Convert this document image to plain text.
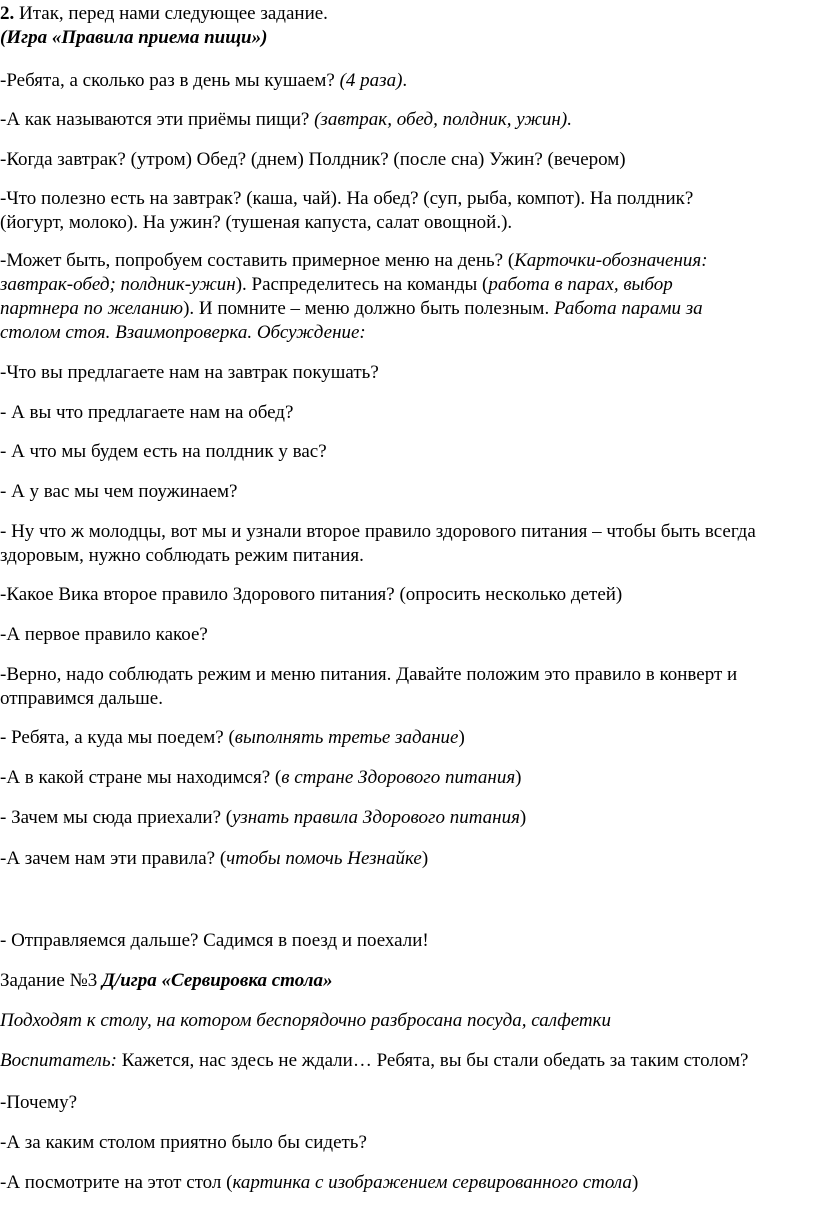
2. Итак, перед нами следующее задание.

(Игра «Правила приема пищи»)

-Ребята, а сколько раз в день мы кушаем? (4 раза).

-А как называются эти приёмы пищи? (завтрак, обед, полдник, ужин).

-Когда завтрак? (утром) Обед? (днем) Полдник? (после сна) Ужин? (вечером)

-Что полезно есть на завтрак? (каша, чай). На обед? (суп, рыба, компот). На полдник?
(йогурт, молоко). На ужин? (тушеная капуста, салат овощной.).

-Может быть, попробуем составить примерное меню на день? (Карточки-обозначения:
завтрак-обед; полдник-ужин). Распределитесь на команды (работа в парах, выбор
партнера по желанию). И помните – меню должно быть полезным. Работа парами за
столом стоя. Взаимопроверка. Обсуждение:

-Что вы предлагаете нам на завтрак покушать?

- А вы что предлагаете нам на обед?

- А что мы будем есть на полдник у вас?

- А у вас мы чем поужинаем?

- Ну что ж молодцы, вот мы и узнали второе правило здорового питания – чтобы быть всегда
здоровым, нужно соблюдать режим питания.

-Какое Вика второе правило Здорового питания? (опросить несколько детей)

-А первое правило какое?

-Верно, надо соблюдать режим и меню питания. Давайте положим это правило в конверт и
отправимся дальше.

- Ребята, а куда мы поедем? (выполнять третье задание)

-А в какой стране мы находимся? (в стране Здорового питания)

- Зачем мы сюда приехали? (узнать правила Здорового питания)

-А зачем нам эти правила? (чтобы помочь Незнайке)

- Отправляемся дальше? Садимся в поезд и поехали!

Задание №3 Д/игра «Сервировка стола»

Подходят к столу, на котором беспорядочно разбросана посуда, салфетки

Воспитатель: Кажется, нас здесь не ждали… Ребята, вы бы стали обедать за таким столом?

-Почему?

-А за каким столом приятно было бы сидеть?

-А посмотрите на этот стол (картинка с изображением сервированного стола)
